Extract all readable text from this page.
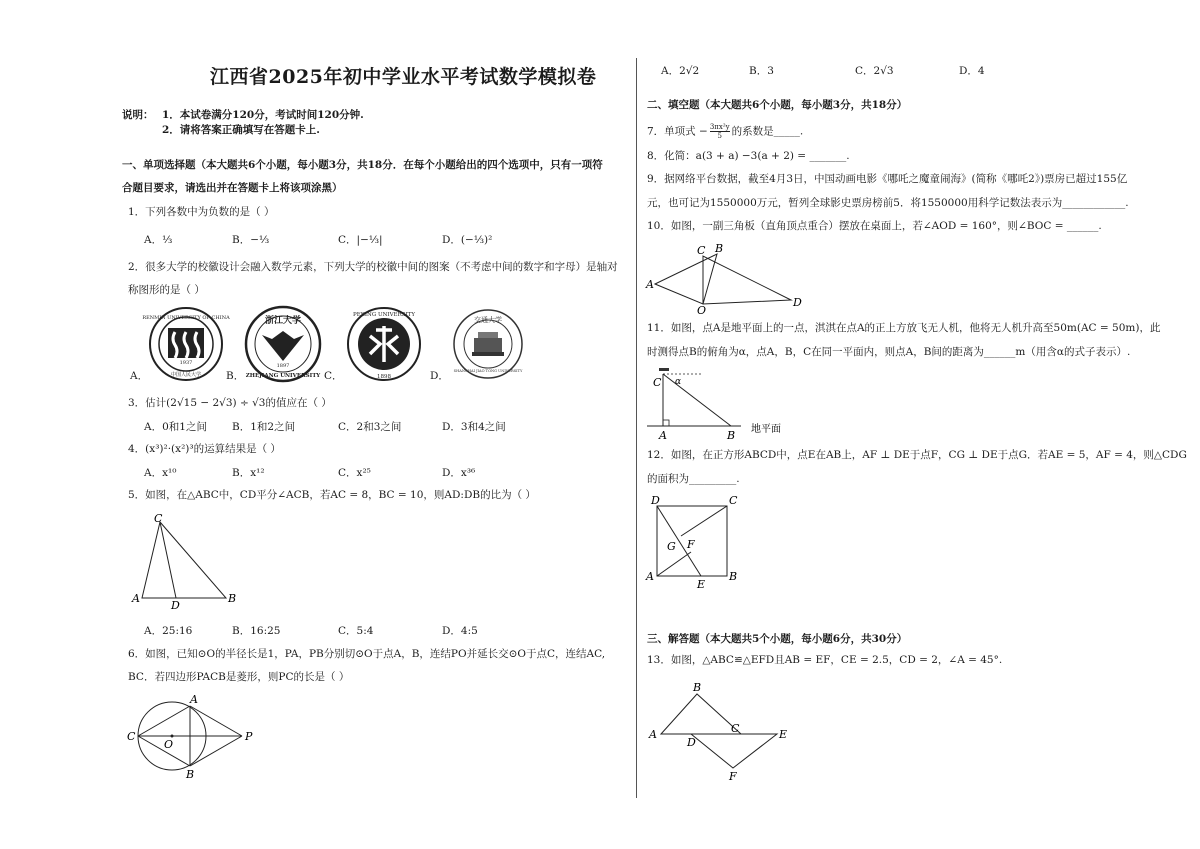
江西省2025年初中学业水平考试数学模拟卷
说明： 1．本试卷满分120分，考试时间120分钟.
2．请将答案正确填写在答题卡上.
一、单项选择题（本大题共6个小题，每小题3分，共18分．在每个小题给出的四个选项中，只有一项符
合题目要求，请选出并在答题卡上将该项涂黑）
1．下列各数中为负数的是（ ）
A．⅓	B．−⅓	C．|−⅓|	D．(−⅓)²
2．很多大学的校徽设计会融入数学元素，下列大学的校徽中间的图案（不考虑中间的数字和字母）是轴对
称图形的是（ ）
A．	B．	C．	D．
RENMIN UNIVERSITY OF CHINA
1937
中国人民大学
浙江大学
1897
ZHEJIANG UNIVERSITY
PEKING UNIVERSITY
1898
交通大学
SHANGHAI JIAO TONG UNIVERSITY
3．估计(2√15 − 2√3) ÷ √3的值应在（ ）
A．0和1之间 B．1和2之间	C．2和3之间	D．3和4之间
4．(x³)²·(x²)³的运算结果是（ ）
A．x¹⁰	B．x¹²	C．x²⁵	D．x³⁶
5．如图，在△ABC中，CD平分∠ACB，若AC = 8，BC = 10，则AD:DB的比为（ ）
C
A
D
B
A．25:16	B．16:25	C．5:4	D．4:5
6．如图，已知⊙O的半径长是1，PA，PB分别切⊙O于点A，B，连结PO并延长交⊙O于点C，连结AC,
BC．若四边形PACB是菱形，则PC的长是（ ）
A
C
O
P
B
A．2√2	B．3	C．2√3	D．4
二、填空题（本大题共6个小题，每小题3分，共18分）
7．单项式 − $\frac{\text{3πx²y}}{5}$ 的系数是_____.
8．化简：a(3 + a) −3(a + 2) = _______.
9．据网络平台数据，截至4月3日，中国动画电影《哪吒之魔童闹海》(简称《哪吒2》)票房已超过155亿
元，也可记为1550000万元，暂列全球影史票房榜前5．将1550000用科学记数法表示为____________.
10．如图，一副三角板（直角顶点重合）摆放在桌面上，若∠AOD = 160°，则∠BOC = ______.
C B
A
O
D
11．如图，点A是地平面上的一点，淇淇在点A的正上方放飞无人机，他将无人机升高至50m(AC = 50m)，此
时测得点B的俯角为α，点A，B，C在同一平面内，则点A，B间的距离为______m（用含α的式子表示）.
C α
A	B 地平面
12．如图，在正方形ABCD中，点E在AB上，AF ⊥ DE于点F，CG ⊥ DE于点G．若AE = 5，AF = 4，则△CDG
的面积为_________.
D	C
G F
A
E
B
三、解答题（本大题共5个小题，每小题6分，共30分）
13．如图，△ABC≌△EFD且AB = EF，CE = 2.5，CD = 2，∠A = 45°.
B
A	C
D
E
F
